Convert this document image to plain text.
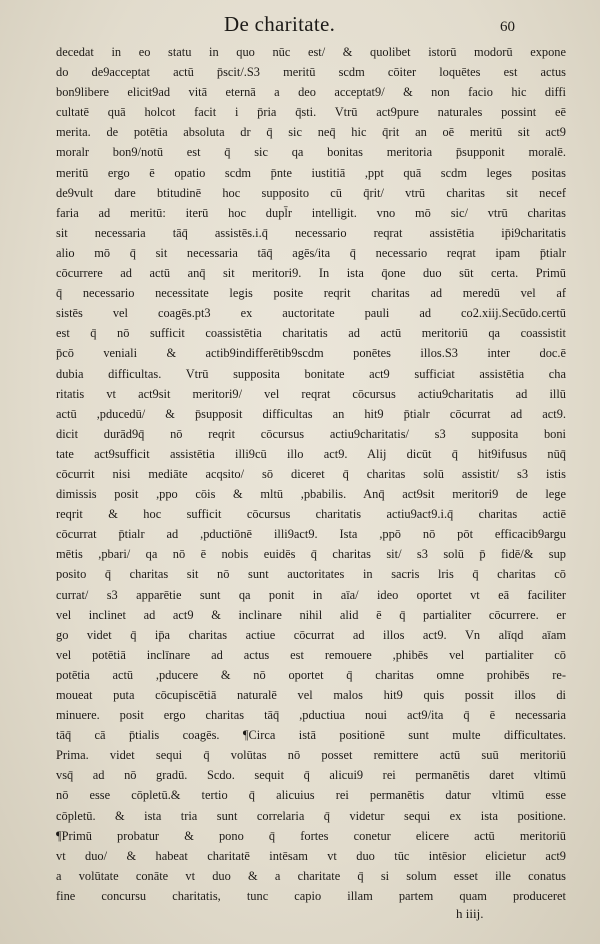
De charitate.	60
decedat in eo statu in quo nūc est/ & quolibet istorū modorū expone
do de9acceptat actū p̄scit/.S3 meritū scdm cōiter loquētes est actus
bon9libere elicit9ad vitā eternā a deo acceptat9/ & non facio hic diffi
cultatē quā holcot facit i p̄ria q̄sti. Vtrū act9pure naturales possint eē
merita. de potētia absoluta dr q̄ sic neq̄ hic q̄rit an oē meritū sit act9
moralr bon9/notū est q̄ sic qa bonitas meritoria p̄supponit moralē.
meritū ergo ē opatio scdm p̄nte iustitiā ,ppt quā scdm leges positas
de9vult dare btitudinē hoc supposito cū q̄rit/ vtrū charitas sit necef
faria ad meritū: iterū hoc dupl̄r intelligit. vno mō sic/ vtrū charitas
sit necessaria tāq̄ assistēs.i.q̄ necessario reqrat assistētia ip̄i9charitatis
alio mō q̄ sit necessaria tāq̄ agēs/ita q̄ necessario reqrat ipam p̄tialr
cōcurrere ad actū anq̄ sit meritori9. In ista q̄one duo sūt certa. Primū
q̄ necessario necessitate legis posite reqrit charitas ad meredū vel af
sistēs vel coagēs.pt3 ex auctoritate pauli ad co2.xiij.Secūdo.certū
est q̄ nō sufficit coassistētia charitatis ad actū meritoriū qa coassistit
p̄cō veniali & actib9indifferētib9scdm ponētes illos.S3 inter doc.ē
dubia difficultas. Vtrū supposita bonitate act9 sufficiat assistētia cha
ritatis vt act9sit meritori9/ vel reqrat cōcursus actiu9charitatis ad illū
actū ,pducedū/ & p̄supposit difficultas an hit9 p̄tialr cōcurrat ad act9.
dicit durād9q̄ nō reqrit cōcursus actiu9charitatis/ s3 supposita boni
tate act9sufficit assistētia illi9cū illo act9. Alij dicūt q̄ hit9ifusus nūq̄
cōcurrit nisi mediāte acqsito/ sō diceret q̄ charitas solū assistit/ s3 istis
dimissis posit ,ppo cōis & mltū ,pbabilis. Anq̄ act9sit meritori9 de lege
reqrit & hoc sufficit cōcursus charitatis actiu9act9.i.q̄ charitas actiē
cōcurrat p̄tialr ad ,pductiōnē illi9act9. Ista ,ppō nō pōt efficacib9argu
mētis ,pbari/ qa nō ē nobis euidēs q̄ charitas sit/ s3 solū p̄ fidē/& sup
posito q̄ charitas sit nō sunt auctoritates in sacris lris q̄ charitas cō
currat/ s3 apparētie sunt qa ponit in aīa/ ideo oportet vt eā faciliter
vel inclinet ad act9 & inclinare nihil alid ē q̄ partialiter cōcurrere. er
go videt q̄ ip̄a charitas actiue cōcurrat ad illos act9. Vn alīqd aīam
vel potētiā inclīnare ad actus est remouere ,phibēs vel partialiter cō
potētia actū ,pducere & nō oportet q̄ charitas omne prohibēs re-
moueat puta cōcupiscētiā naturalē vel malos hit9 quis possit illos di
minuere. posit ergo charitas tāq̄ ,pductiua noui act9/ita q̄ ē necessaria
tāq̄ cā p̄tialis coagēs. ¶Circa istā positionē sunt multe difficultates.
Prima. videt sequi q̄ volūtas nō posset remittere actū suū meritoriū
vsq̄ ad nō gradū. Scdo. sequit q̄ alicui9 rei permanētis daret vltimū
nō esse cōpletū.& tertio q̄ alicuius rei permanētis datur vltimū esse
cōpletū. & ista tria sunt correlaria q̄ videtur sequi ex ista positione.
¶Primū probatur & pono q̄ fortes conetur elicere actū meritoriū
vt duo/ & habeat charitatē intēsam vt duo tūc intēsior elicietur act9
a volūtate conāte vt duo & a charitate q̄ si solum esset ille conatus
fine concursu charitatis, tunc capio illam partem quam produceret
h iiij.
